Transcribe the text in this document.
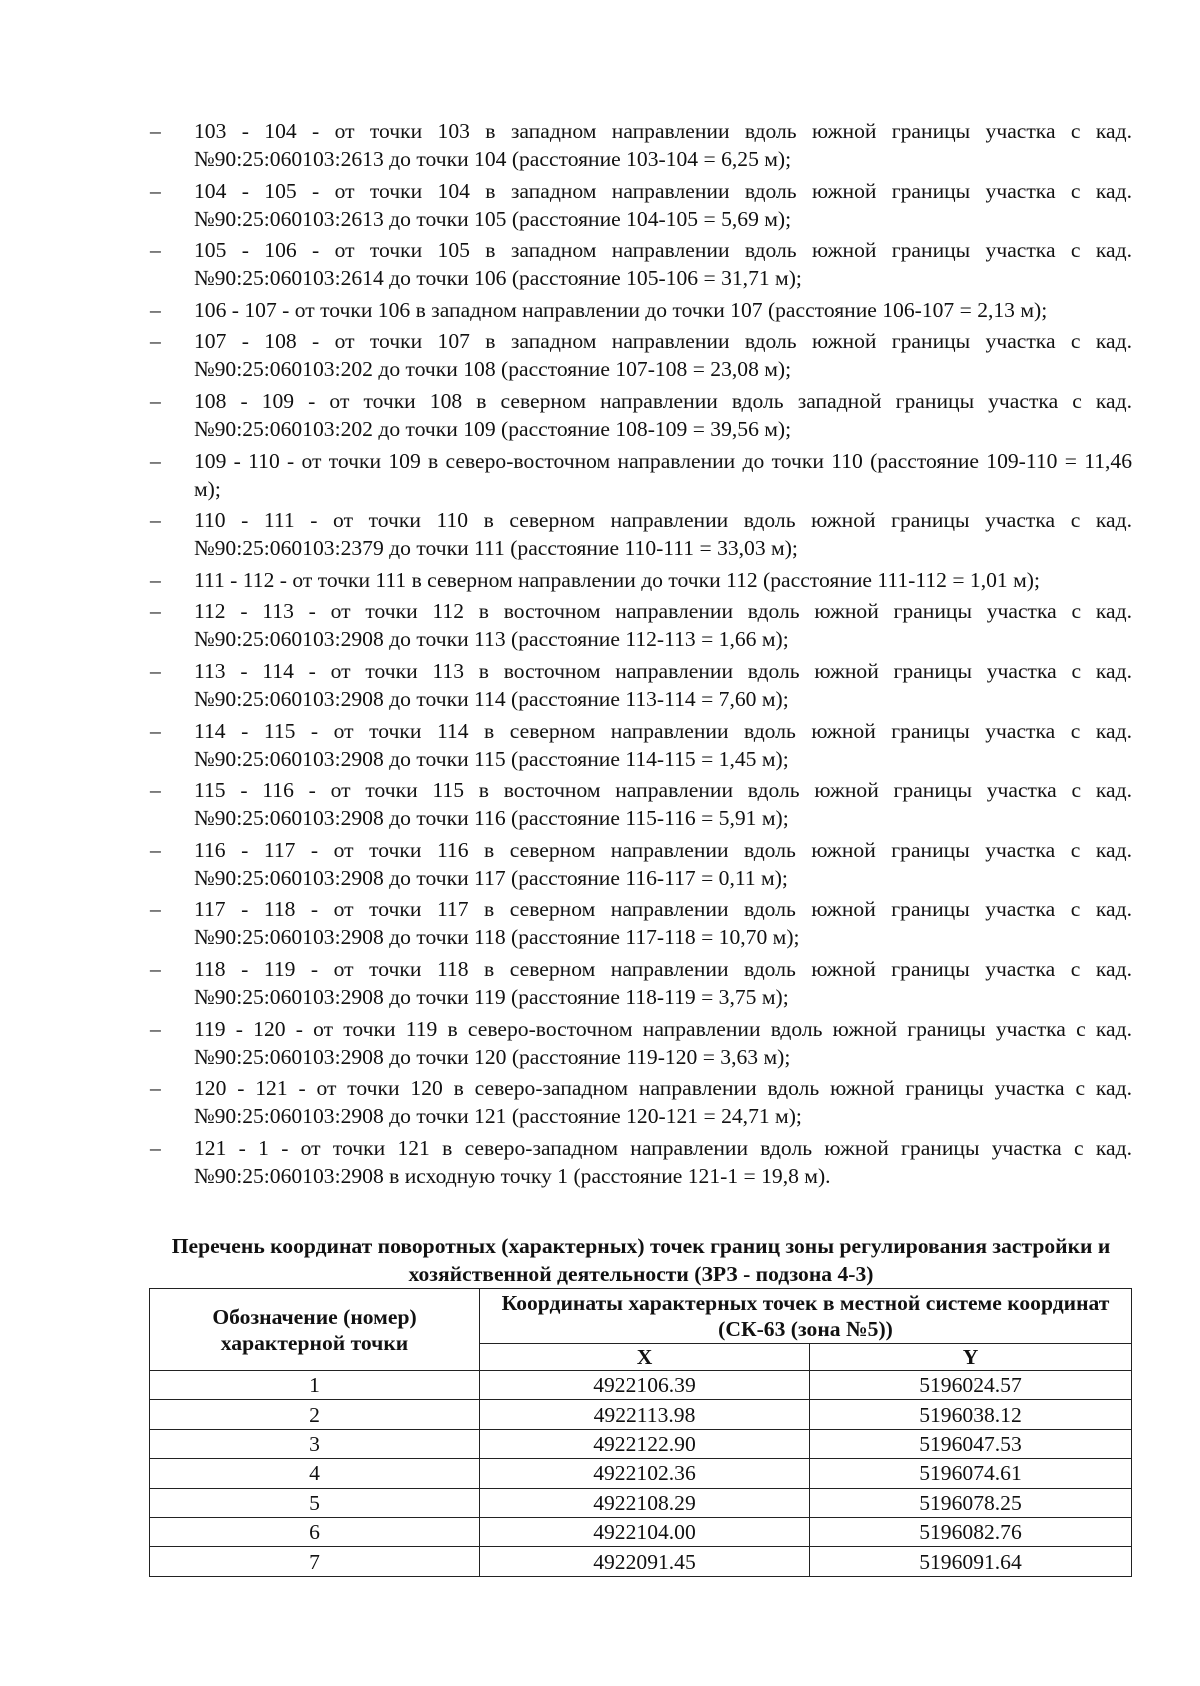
–	103 - 104 - от точки 103 в западном направлении вдоль южной границы участка с кад. №90:25:060103:2613 до точки 104 (расстояние 103-104 = 6,25 м);
–	104 - 105 - от точки 104 в западном направлении вдоль южной границы участка с кад. №90:25:060103:2613 до точки 105 (расстояние 104-105 = 5,69 м);
–	105 - 106 - от точки 105 в западном направлении вдоль южной границы участка с кад. №90:25:060103:2614 до точки 106 (расстояние 105-106 = 31,71 м);
–	106 - 107 - от точки 106 в западном направлении до точки 107 (расстояние 106-107 = 2,13 м);
–	107 - 108 - от точки 107 в западном направлении вдоль южной границы участка с кад. №90:25:060103:202 до точки 108 (расстояние 107-108 = 23,08 м);
–	108 - 109 - от точки 108 в северном направлении вдоль западной границы участка с кад. №90:25:060103:202 до точки 109 (расстояние 108-109 = 39,56 м);
–	109 - 110 - от точки 109 в северо-восточном направлении до точки 110 (расстояние 109-110 = 11,46 м);
–	110 - 111 - от точки 110 в северном направлении вдоль южной границы участка с кад. №90:25:060103:2379 до точки 111 (расстояние 110-111 = 33,03 м);
–	111 - 112 - от точки 111 в северном направлении до точки 112 (расстояние 111-112 = 1,01 м);
–	112 - 113 - от точки 112 в восточном направлении вдоль южной границы участка с кад. №90:25:060103:2908 до точки 113 (расстояние 112-113 = 1,66 м);
–	113 - 114 - от точки 113 в восточном направлении вдоль южной границы участка с кад. №90:25:060103:2908 до точки 114 (расстояние 113-114 = 7,60 м);
–	114 - 115 - от точки 114 в северном направлении вдоль южной границы участка с кад. №90:25:060103:2908 до точки 115 (расстояние 114-115 = 1,45 м);
–	115 - 116 - от точки 115 в восточном направлении вдоль южной границы участка с кад. №90:25:060103:2908 до точки 116 (расстояние 115-116 = 5,91 м);
–	116 - 117 - от точки 116 в северном направлении вдоль южной границы участка с кад. №90:25:060103:2908 до точки 117 (расстояние 116-117 = 0,11 м);
–	117 - 118 - от точки 117 в северном направлении вдоль южной границы участка с кад. №90:25:060103:2908 до точки 118 (расстояние 117-118 = 10,70 м);
–	118 - 119 - от точки 118 в северном направлении вдоль южной границы участка с кад. №90:25:060103:2908 до точки 119 (расстояние 118-119 = 3,75 м);
–	119 - 120 - от точки 119 в северо-восточном направлении вдоль южной границы участка с кад. №90:25:060103:2908 до точки 120 (расстояние 119-120 = 3,63 м);
–	120 - 121 - от точки 120 в северо-западном направлении вдоль южной границы участка с кад. №90:25:060103:2908 до точки 121 (расстояние 120-121 = 24,71 м);
–	121 - 1 - от точки 121 в северо-западном направлении вдоль южной границы участка с кад. №90:25:060103:2908 в исходную точку 1 (расстояние 121-1 = 19,8 м).

Перечень координат поворотных (характерных) точек границ зоны регулирования застройки и хозяйственной деятельности (ЗРЗ - подзона 4-3)

Обозначение (номер) характерной точки	Координаты характерных точек в местной системе координат (СК-63 (зона №5))	
	X	Y
1	4922106.39	5196024.57
2	4922113.98	5196038.12
3	4922122.90	5196047.53
4	4922102.36	5196074.61
5	4922108.29	5196078.25
6	4922104.00	5196082.76
7	4922091.45	5196091.64
